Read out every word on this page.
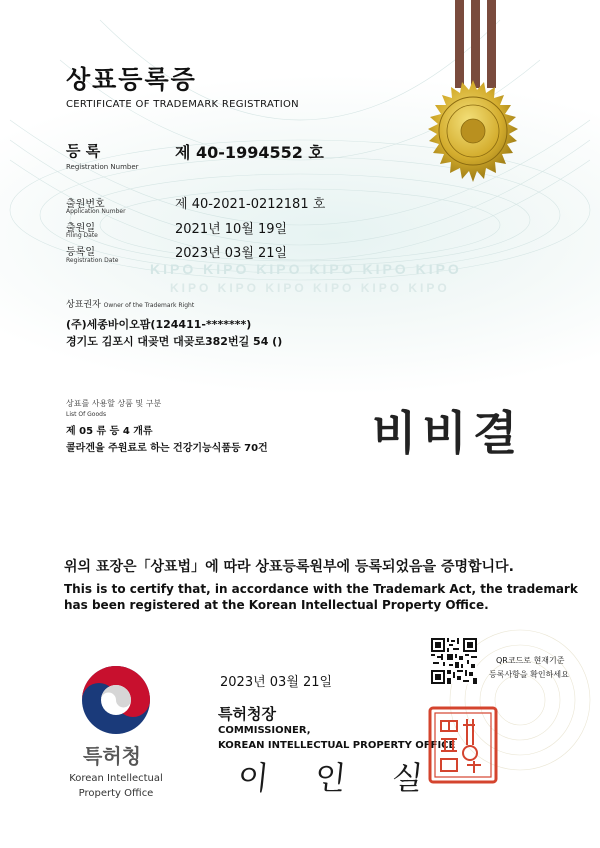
KIPO KIPO KIPO KIPO KIPO KIPO
KIPO KIPO KIPO KIPO KIPO KIPO
상표등록증
CERTIFICATE OF TRADEMARK REGISTRATION
등 록
Registration Number
제 40-1994552 호
출원번호
Application Number	제 40-2021-0212181 호
출원일
Filing Date	2021년 10월 19일
등록일
Registration Date	2023년 03월 21일
상표권자 Owner of the Trademark Right
(주)세종바이오팜(124411-*******)
경기도 김포시 대곶면 대곶로382번길 54 ()
상표를 사용할 상품 및 구분
List Of Goods
제 05 류 등 4 개류
콜라겐을 주원료로 하는 건강기능식품등 70건 비비결
위의 표장은「상표법」에 따라 상표등록원부에 등록되었음을 증명합니다.
This is to certify that, in accordance with the Trademark Act, the trademark
has been registered at the Korean Intellectual Property Office.
특허청
Korean Intellectual
Property Office
2023년 03월 21일
QR코드로 현재기준
등록사항을 확인하세요
특허청장
COMMISSIONER,
KOREAN INTELLECTUAL PROPERTY OFFICE
이 인 실
